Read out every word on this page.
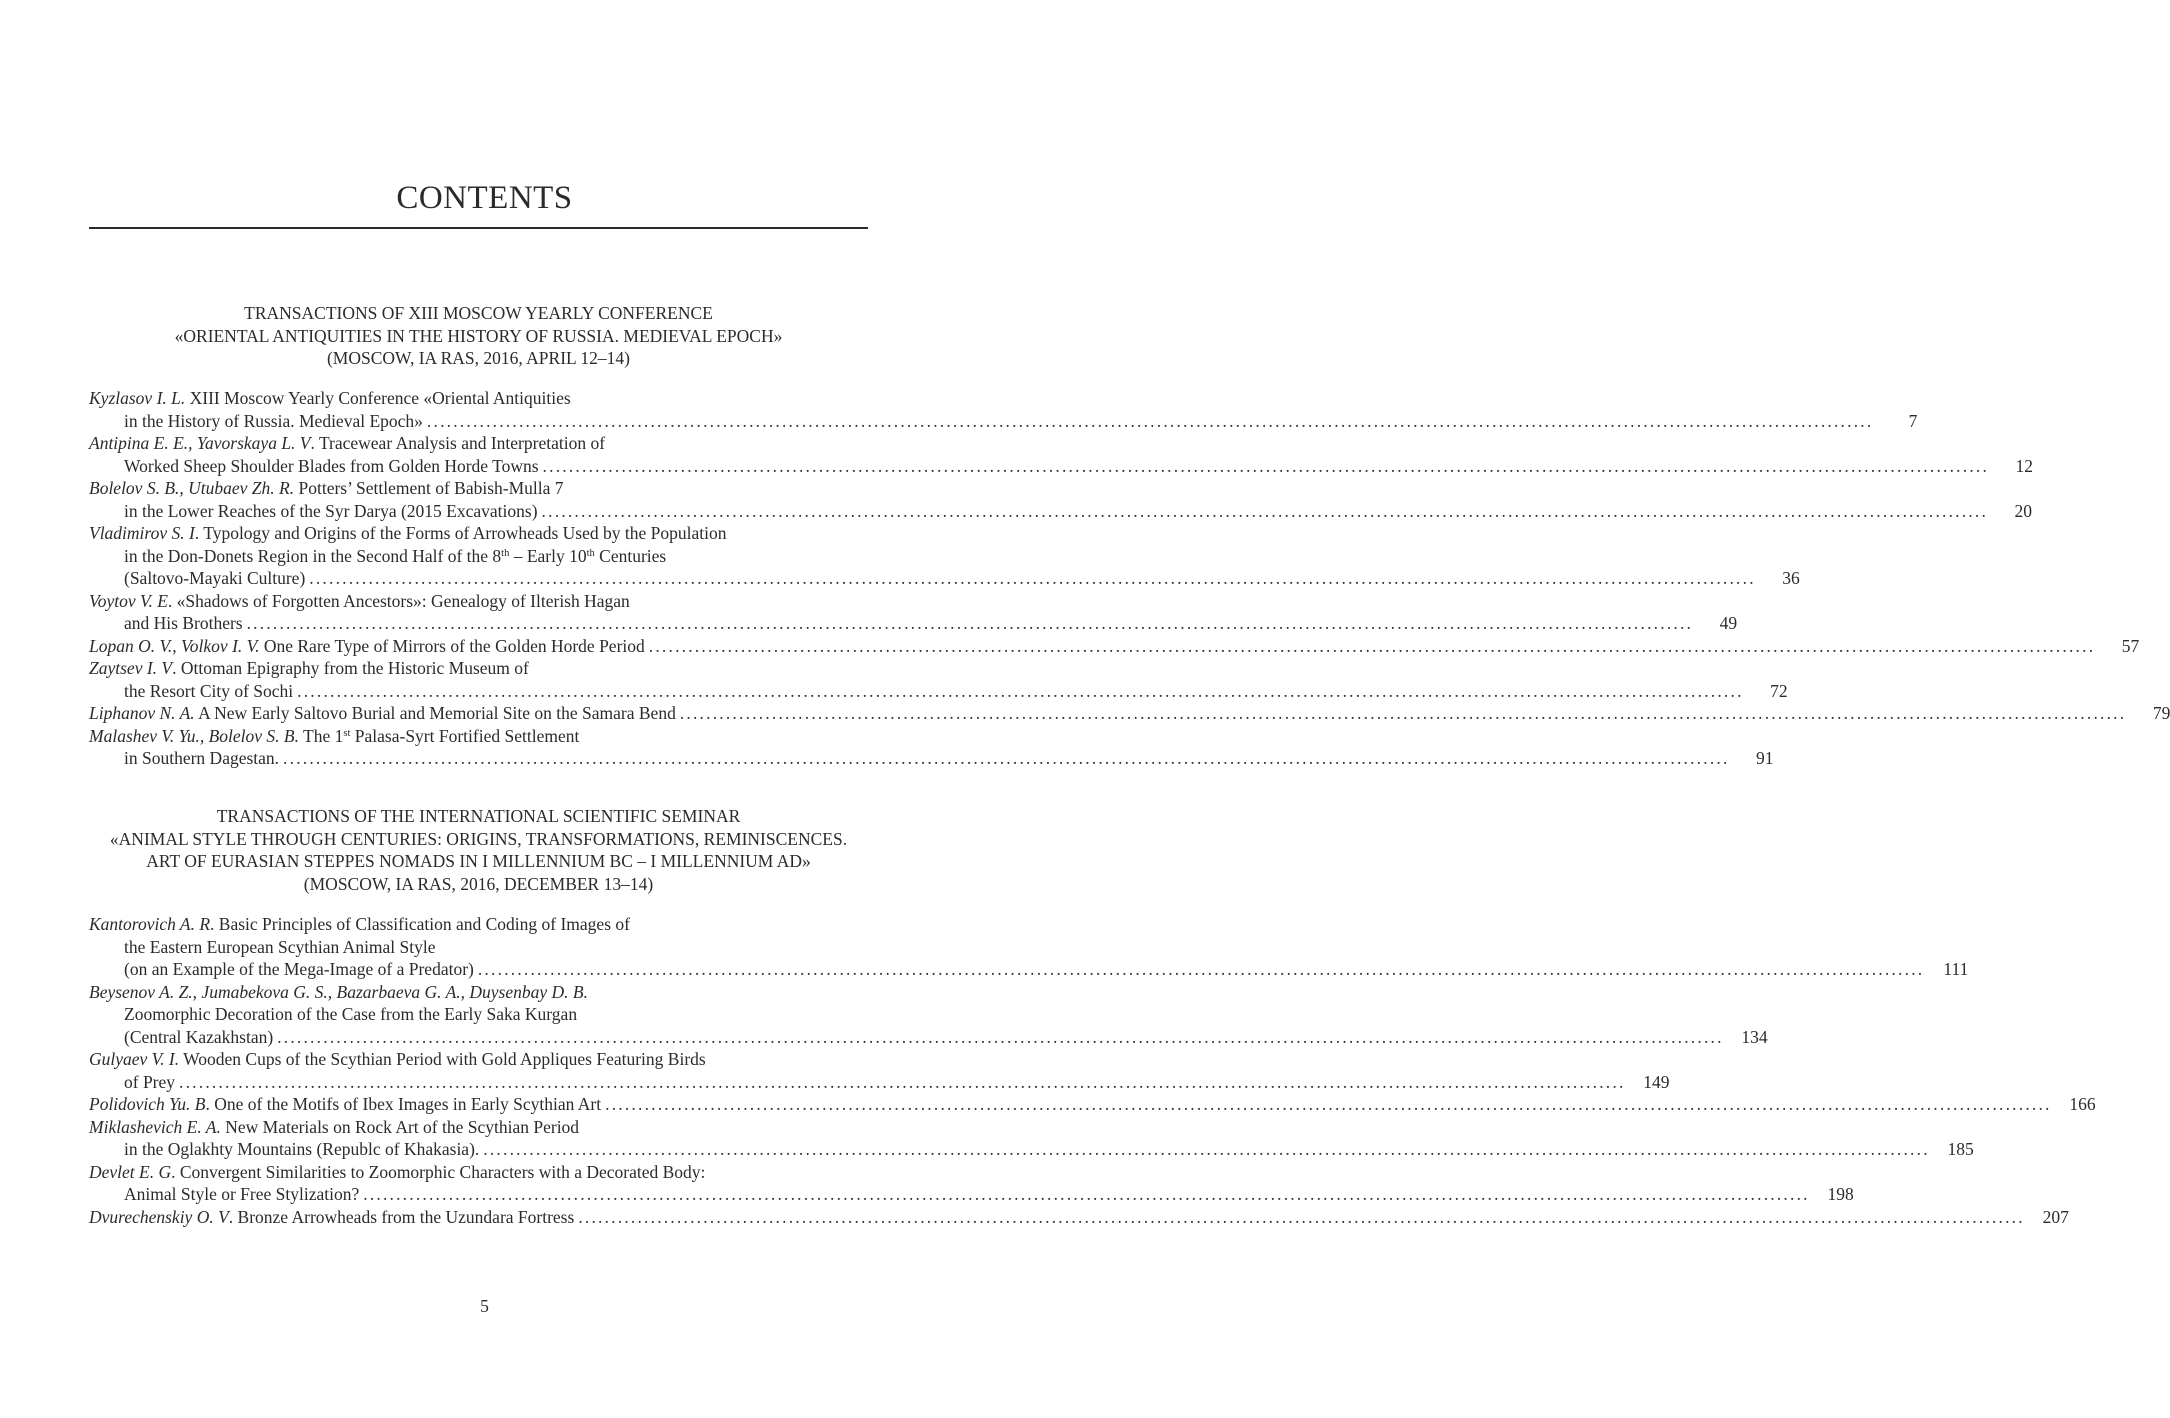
CONTENTS
TRANSACTIONS OF XIII MOSCOW YEARLY CONFERENCE
«ORIENTAL ANTIQUITIES IN THE HISTORY OF RUSSIA. MEDIEVAL EPOCH»
(MOSCOW, IA RAS, 2016, APRIL 12–14)
Kyzlasov I. L. XIII Moscow Yearly Conference «Oriental Antiquities
in the History of Russia. Medieval Epoch» ............................................................................................................................................................................................................................	7
Antipina E. E., Yavorskaya L. V. Tracewear Analysis and Interpretation of
Worked Sheep Shoulder Blades from Golden Horde Towns ............................................................................................................................................................................................................................	12
Bolelov S. B., Utubaev Zh. R. Potters’ Settlement of Babish-Mulla 7
in the Lower Reaches of the Syr Darya (2015 Excavations) ............................................................................................................................................................................................................................	20
Vladimirov S. I. Typology and Origins of the Forms of Arrowheads Used by the Population
in the Don-Donets Region in the Second Half of the 8th – Early 10th Centuries
(Saltovo-Mayaki Culture) ............................................................................................................................................................................................................................	36
Voytov V. E. «Shadows of Forgotten Ancestors»: Genealogy of Ilterish Hagan
and His Brothers ............................................................................................................................................................................................................................	49
Lopan O. V., Volkov I. V. One Rare Type of Mirrors of the Golden Horde Period ............................................................................................................................................................................................................................	57
Zaytsev I. V. Ottoman Epigraphy from the Historic Museum of
the Resort City of Sochi ............................................................................................................................................................................................................................	72
Liphanov N. A. A New Early Saltovo Burial and Memorial Site on the Samara Bend ............................................................................................................................................................................................................................	79
Malashev V. Yu., Bolelov S. B. The 1st Palasa-Syrt Fortified Settlement
in Southern Dagestan. ............................................................................................................................................................................................................................	91
TRANSACTIONS OF THE INTERNATIONAL SCIENTIFIC SEMINAR
«ANIMAL STYLE THROUGH CENTURIES: ORIGINS, TRANSFORMATIONS, REMINISCENCES.
ART OF EURASIAN STEPPES NOMADS IN I MILLENNIUM BC – I MILLENNIUM AD»
(MOSCOW, IA RAS, 2016, DECEMBER 13–14)
Kantorovich A. R. Basic Principles of Classification and Coding of Images of
the Eastern European Scythian Animal Style
(on an Example of the Mega-Image of a Predator) ............................................................................................................................................................................................................................	111
Beysenov A. Z., Jumabekova G. S., Bazarbaeva G. A., Duysenbay D. B.
Zoomorphic Decoration of the Case from the Early Saka Kurgan
(Central Kazakhstan) ............................................................................................................................................................................................................................	134
Gulyaev V. I. Wooden Cups of the Scythian Period with Gold Appliques Featuring Birds
of Prey ............................................................................................................................................................................................................................	149
Polidovich Yu. B. One of the Motifs of Ibex Images in Early Scythian Art ............................................................................................................................................................................................................................	166
Miklashevich E. A. New Materials on Rock Art of the Scythian Period
in the Oglakhty Mountains (Republc of Khakasia). ............................................................................................................................................................................................................................	185
Devlet E. G. Convergent Similarities to Zoomorphic Characters with a Decorated Body:
Animal Style or Free Stylization? ............................................................................................................................................................................................................................	198
Dvurechenskiy O. V. Bronze Arrowheads from the Uzundara Fortress ............................................................................................................................................................................................................................	207
5
